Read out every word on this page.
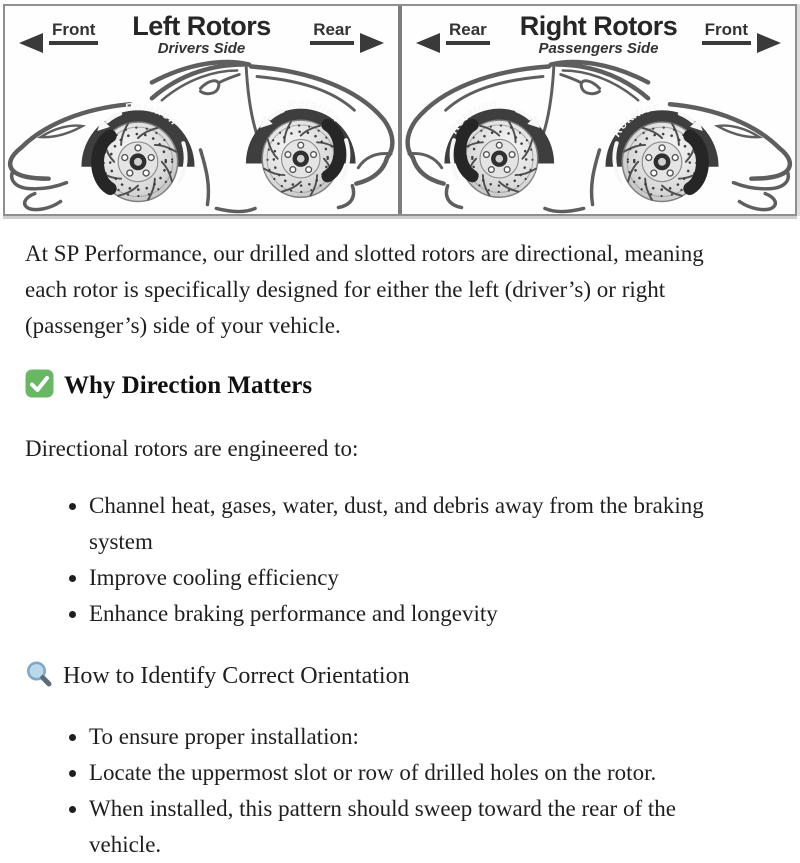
Left Rotors
Drivers Side
Front	Rear
Rotation
Rotation
Right Rotors
Passengers Side
Rear	Front
Rotation
Rotation

At SP Performance, our drilled and slotted rotors are directional, meaning each rotor is specifically designed for either the left (driver’s) or right (passenger’s) side of your vehicle.

Why Direction Matters

Directional rotors are engineered to:

• Channel heat, gases, water, dust, and debris away from the braking system
• Improve cooling efficiency
• Enhance braking performance and longevity
How to Identify Correct Orientation
• To ensure proper installation:
• Locate the uppermost slot or row of drilled holes on the rotor.
• When installed, this pattern should sweep toward the rear of the vehicle.
